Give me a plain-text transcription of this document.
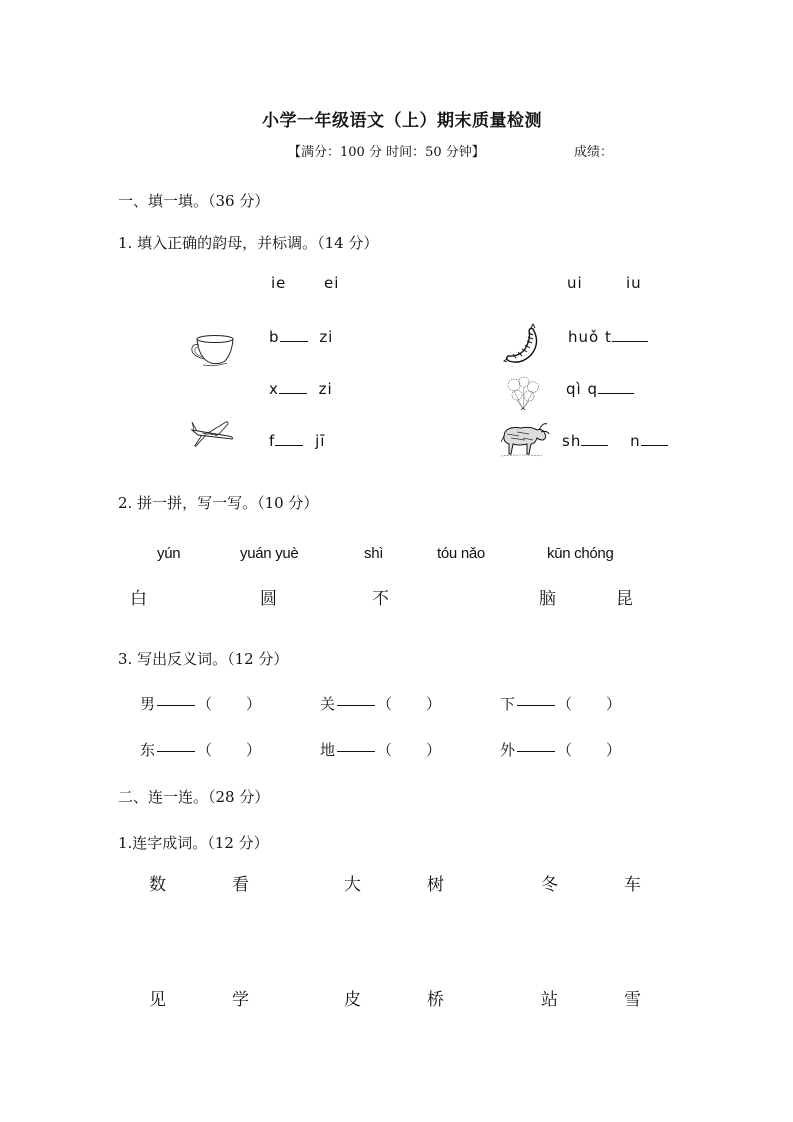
小学一年级语文（上）期末质量检测
【满分：100 分 时间：50 分钟】	成绩：
一、填一填。（36 分）
1. 填入正确的韵母，并标调。（14 分）
ie	ei	ui	iu
b	zi
x	zi
f	jī
huǒ t
qì q
sh	n
2. 拼一拼，写一写。（10 分）
yún	yuán yuè	shì	tóu nǎo	kūn chóng
白	圆	不	脑	昆
3. 写出反义词。（12 分）
男	（ ）	关	（ ）	下	（ ）
东	（ ）	地	（ ）	外	（ ）
二、连一连。（28 分）
1.连字成词。（12 分）
数	看	大	树	冬	车
见	学	皮	桥	站	雪
